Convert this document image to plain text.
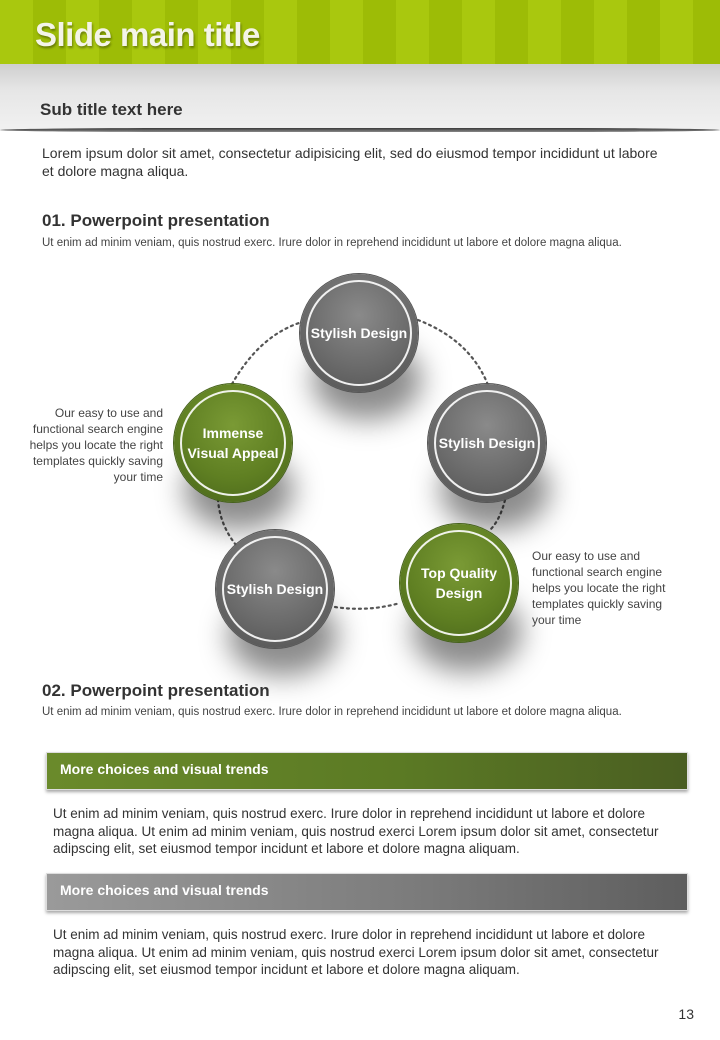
Slide main title
Sub title text here
Lorem ipsum dolor sit amet, consectetur adipisicing elit, sed do eiusmod tempor incididunt ut labore et dolore magna aliqua.
01. Powerpoint presentation
Ut enim ad minim veniam, quis nostrud exerc. Irure dolor in reprehend incididunt ut labore et dolore magna aliqua.
Stylish Design
Stylish Design
Top Quality Design
Stylish Design
Immense Visual Appeal
Our easy to use and functional search engine helps you locate the right templates quickly saving your time
Our easy to use and functional search engine helps you locate the right templates quickly saving your time
02. Powerpoint presentation
Ut enim ad minim veniam, quis nostrud exerc. Irure dolor in reprehend incididunt ut labore et dolore magna aliqua.
More choices and visual trends
Ut enim ad minim veniam, quis nostrud exerc. Irure dolor in reprehend incididunt ut labore et dolore magna aliqua. Ut enim ad minim veniam, quis nostrud exerci Lorem ipsum dolor sit amet, consectetur adipscing elit, set eiusmod tempor incidunt et labore et dolore magna aliquam.
More choices and visual trends
Ut enim ad minim veniam, quis nostrud exerc. Irure dolor in reprehend incididunt ut labore et dolore magna aliqua. Ut enim ad minim veniam, quis nostrud exerci Lorem ipsum dolor sit amet, consectetur adipscing elit, set eiusmod tempor incidunt et labore et dolore magna aliquam.
13
